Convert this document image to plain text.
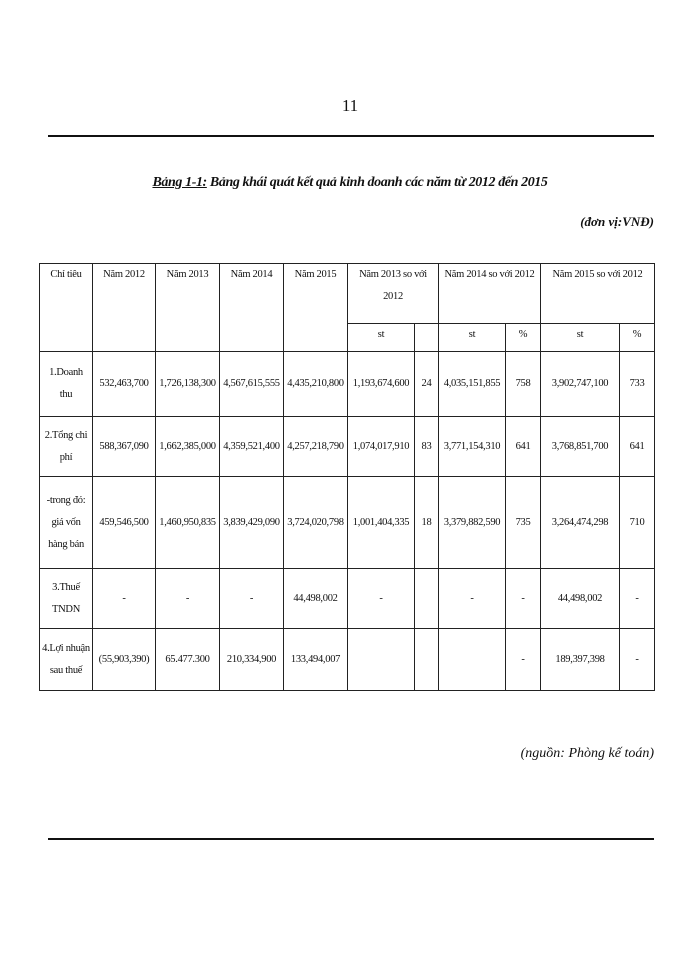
11
Bảng 1-1: Bảng khái quát kết quả kinh doanh các năm từ 2012 đến 2015
(đơn vị:VNĐ)
Chỉ tiêu	Năm 2012	Năm 2013	Năm 2014	Năm 2015	Năm 2013 so với 2012		Năm 2014 so với 2012		Năm 2015 so với 2012	
					st		st	%	st	%
1.Doanh thu	532,463,700	1,726,138,300	4,567,615,555	4,435,210,800	1,193,674,600	24	4,035,151,855	758	3,902,747,100	733
2.Tổng chi phí	588,367,090	1,662,385,000	4,359,521,400	4,257,218,790	1,074,017,910	83	3,771,154,310	641	3,768,851,700	641
-trong đó: giá vốn hàng bán	459,546,500	1,460,950,835	3,839,429,090	3,724,020,798	1,001,404,335	18	3,379,882,590	735	3,264,474,298	710
3.Thuế TNDN	-	-	-	44,498,002	-		-	-	44,498,002	-
4.Lợi nhuận sau thuế	(55,903,390)	65.477.300	210,334,900	133,494,007				-	189,397,398	-
(nguồn: Phòng kế toán)
